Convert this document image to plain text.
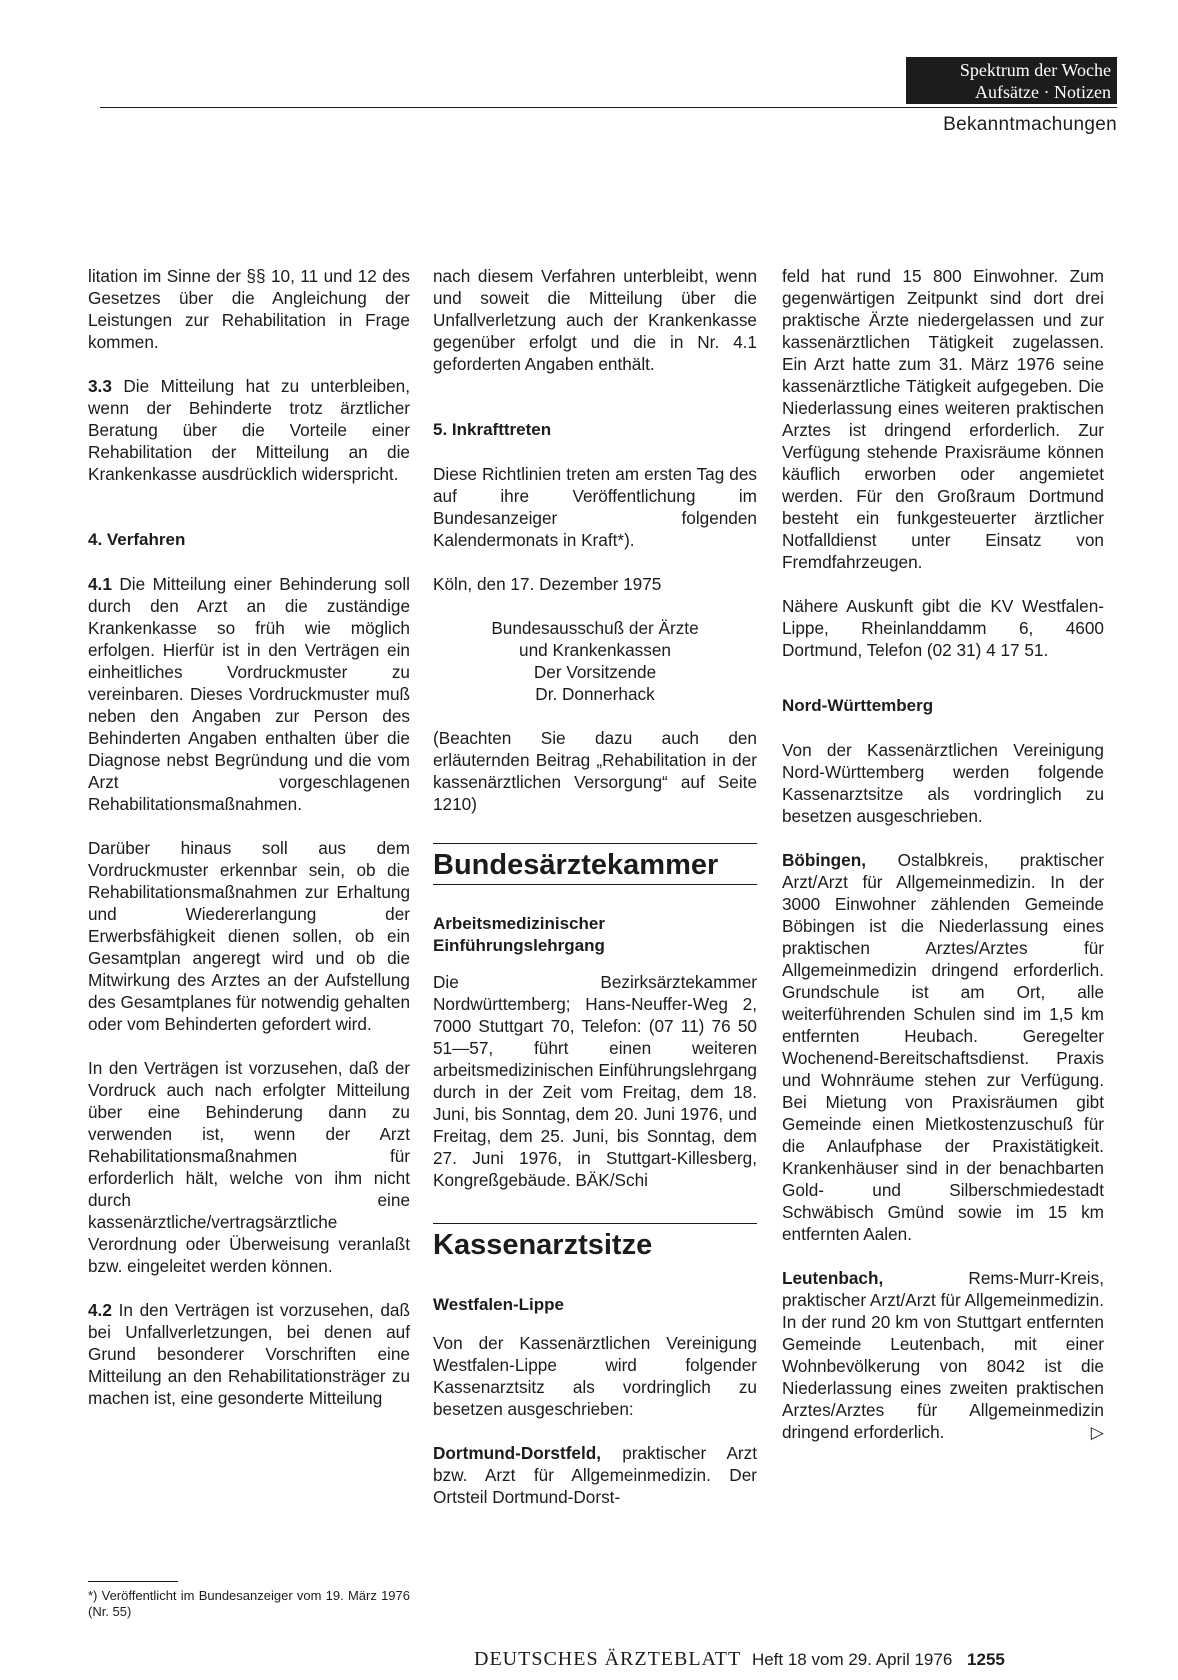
Spektrum der Woche
Aufsätze · Notizen
Bekanntmachungen

litation im Sinne der §§ 10, 11 und 12 des Gesetzes über die Angleichung der Leistungen zur Rehabilitation in Frage kommen.

3.3 Die Mitteilung hat zu unterbleiben, wenn der Behinderte trotz ärztlicher Beratung über die Vorteile einer Rehabilitation der Mitteilung an die Krankenkasse ausdrücklich widerspricht.

4. Verfahren

4.1 Die Mitteilung einer Behinderung soll durch den Arzt an die zuständige Krankenkasse so früh wie möglich erfolgen. Hierfür ist in den Verträgen ein einheitliches Vordruckmuster zu vereinbaren. Dieses Vordruckmuster muß neben den Angaben zur Person des Behinderten Angaben enthalten über die Diagnose nebst Begründung und die vom Arzt vorgeschlagenen Rehabilitationsmaßnahmen.

Darüber hinaus soll aus dem Vordruckmuster erkennbar sein, ob die Rehabilitationsmaßnahmen zur Erhaltung und Wiedererlangung der Erwerbsfähigkeit dienen sollen, ob ein Gesamtplan angeregt wird und ob die Mitwirkung des Arztes an der Aufstellung des Gesamtplanes für notwendig gehalten oder vom Behinderten gefordert wird.

In den Verträgen ist vorzusehen, daß der Vordruck auch nach erfolgter Mitteilung über eine Behinderung dann zu verwenden ist, wenn der Arzt Rehabilitationsmaßnahmen für erforderlich hält, welche von ihm nicht durch eine kassenärztliche/vertragsärztliche Verordnung oder Überweisung veranlaßt bzw. eingeleitet werden können.

4.2 In den Verträgen ist vorzusehen, daß bei Unfallverletzungen, bei denen auf Grund besonderer Vorschriften eine Mitteilung an den Rehabilitationsträger zu machen ist, eine gesonderte Mitteilung

*) Veröffentlicht im Bundesanzeiger vom 19. März 1976 (Nr. 55)

nach diesem Verfahren unterbleibt, wenn und soweit die Mitteilung über die Unfallverletzung auch der Krankenkasse gegenüber erfolgt und die in Nr. 4.1 geforderten Angaben enthält.

5. Inkrafttreten

Diese Richtlinien treten am ersten Tag des auf ihre Veröffentlichung im Bundesanzeiger folgenden Kalendermonats in Kraft*).

Köln, den 17. Dezember 1975

Bundesausschuß der Ärzte
und Krankenkassen
Der Vorsitzende
Dr. Donnerhack

(Beachten Sie dazu auch den erläuternden Beitrag „Rehabilitation in der kassenärztlichen Versorgung“ auf Seite 1210)

Bundesärztekammer
Arbeitsmedizinischer Einführungslehrgang

Die Bezirksärztekammer Nordwürttemberg; Hans-Neuffer-Weg 2, 7000 Stuttgart 70, Telefon: (07 11) 76 50 51—57, führt einen weiteren arbeitsmedizinischen Einführungslehrgang durch in der Zeit vom Freitag, dem 18. Juni, bis Sonntag, dem 20. Juni 1976, und Freitag, dem 25. Juni, bis Sonntag, dem 27. Juni 1976, in Stuttgart-Killesberg, Kongreßgebäude. BÄK/Schi

Kassenarztsitze
Westfalen-Lippe

Von der Kassenärztlichen Vereinigung Westfalen-Lippe wird folgender Kassenarztsitz als vordringlich zu besetzen ausgeschrieben:

Dortmund-Dorstfeld, praktischer Arzt bzw. Arzt für Allgemeinmedizin. Der Ortsteil Dortmund-Dorst-

feld hat rund 15 800 Einwohner. Zum gegenwärtigen Zeitpunkt sind dort drei praktische Ärzte niedergelassen und zur kassenärztlichen Tätigkeit zugelassen. Ein Arzt hatte zum 31. März 1976 seine kassenärztliche Tätigkeit aufgegeben. Die Niederlassung eines weiteren praktischen Arztes ist dringend erforderlich. Zur Verfügung stehende Praxisräume können käuflich erworben oder angemietet werden. Für den Großraum Dortmund besteht ein funkgesteuerter ärztlicher Notfalldienst unter Einsatz von Fremdfahrzeugen.

Nähere Auskunft gibt die KV Westfalen-Lippe, Rheinlanddamm 6, 4600 Dortmund, Telefon (02 31) 4 17 51.

Nord-Württemberg

Von der Kassenärztlichen Vereinigung Nord-Württemberg werden folgende Kassenarztsitze als vordringlich zu besetzen ausgeschrieben.

Böbingen, Ostalbkreis, praktischer Arzt/Arzt für Allgemeinmedizin. In der 3000 Einwohner zählenden Gemeinde Böbingen ist die Niederlassung eines praktischen Arztes/Arztes für Allgemeinmedizin dringend erforderlich. Grundschule ist am Ort, alle weiterführenden Schulen sind im 1,5 km entfernten Heubach. Geregelter Wochenend-Bereitschaftsdienst. Praxis und Wohnräume stehen zur Verfügung. Bei Mietung von Praxisräumen gibt Gemeinde einen Mietkostenzuschuß für die Anlaufphase der Praxistätigkeit. Krankenhäuser sind in der benachbarten Gold- und Silberschmiedestadt Schwäbisch Gmünd sowie im 15 km entfernten Aalen.

Leutenbach, Rems-Murr-Kreis, praktischer Arzt/Arzt für Allgemeinmedizin. In der rund 20 km von Stuttgart entfernten Gemeinde Leutenbach, mit einer Wohnbevölkerung von 8042 ist die Niederlassung eines zweiten praktischen Arztes/Arztes für Allgemeinmedizin dringend erforderlich.	▷

DEUTSCHES ÄRZTEBLATT Heft 18 vom 29. April 1976 1255
